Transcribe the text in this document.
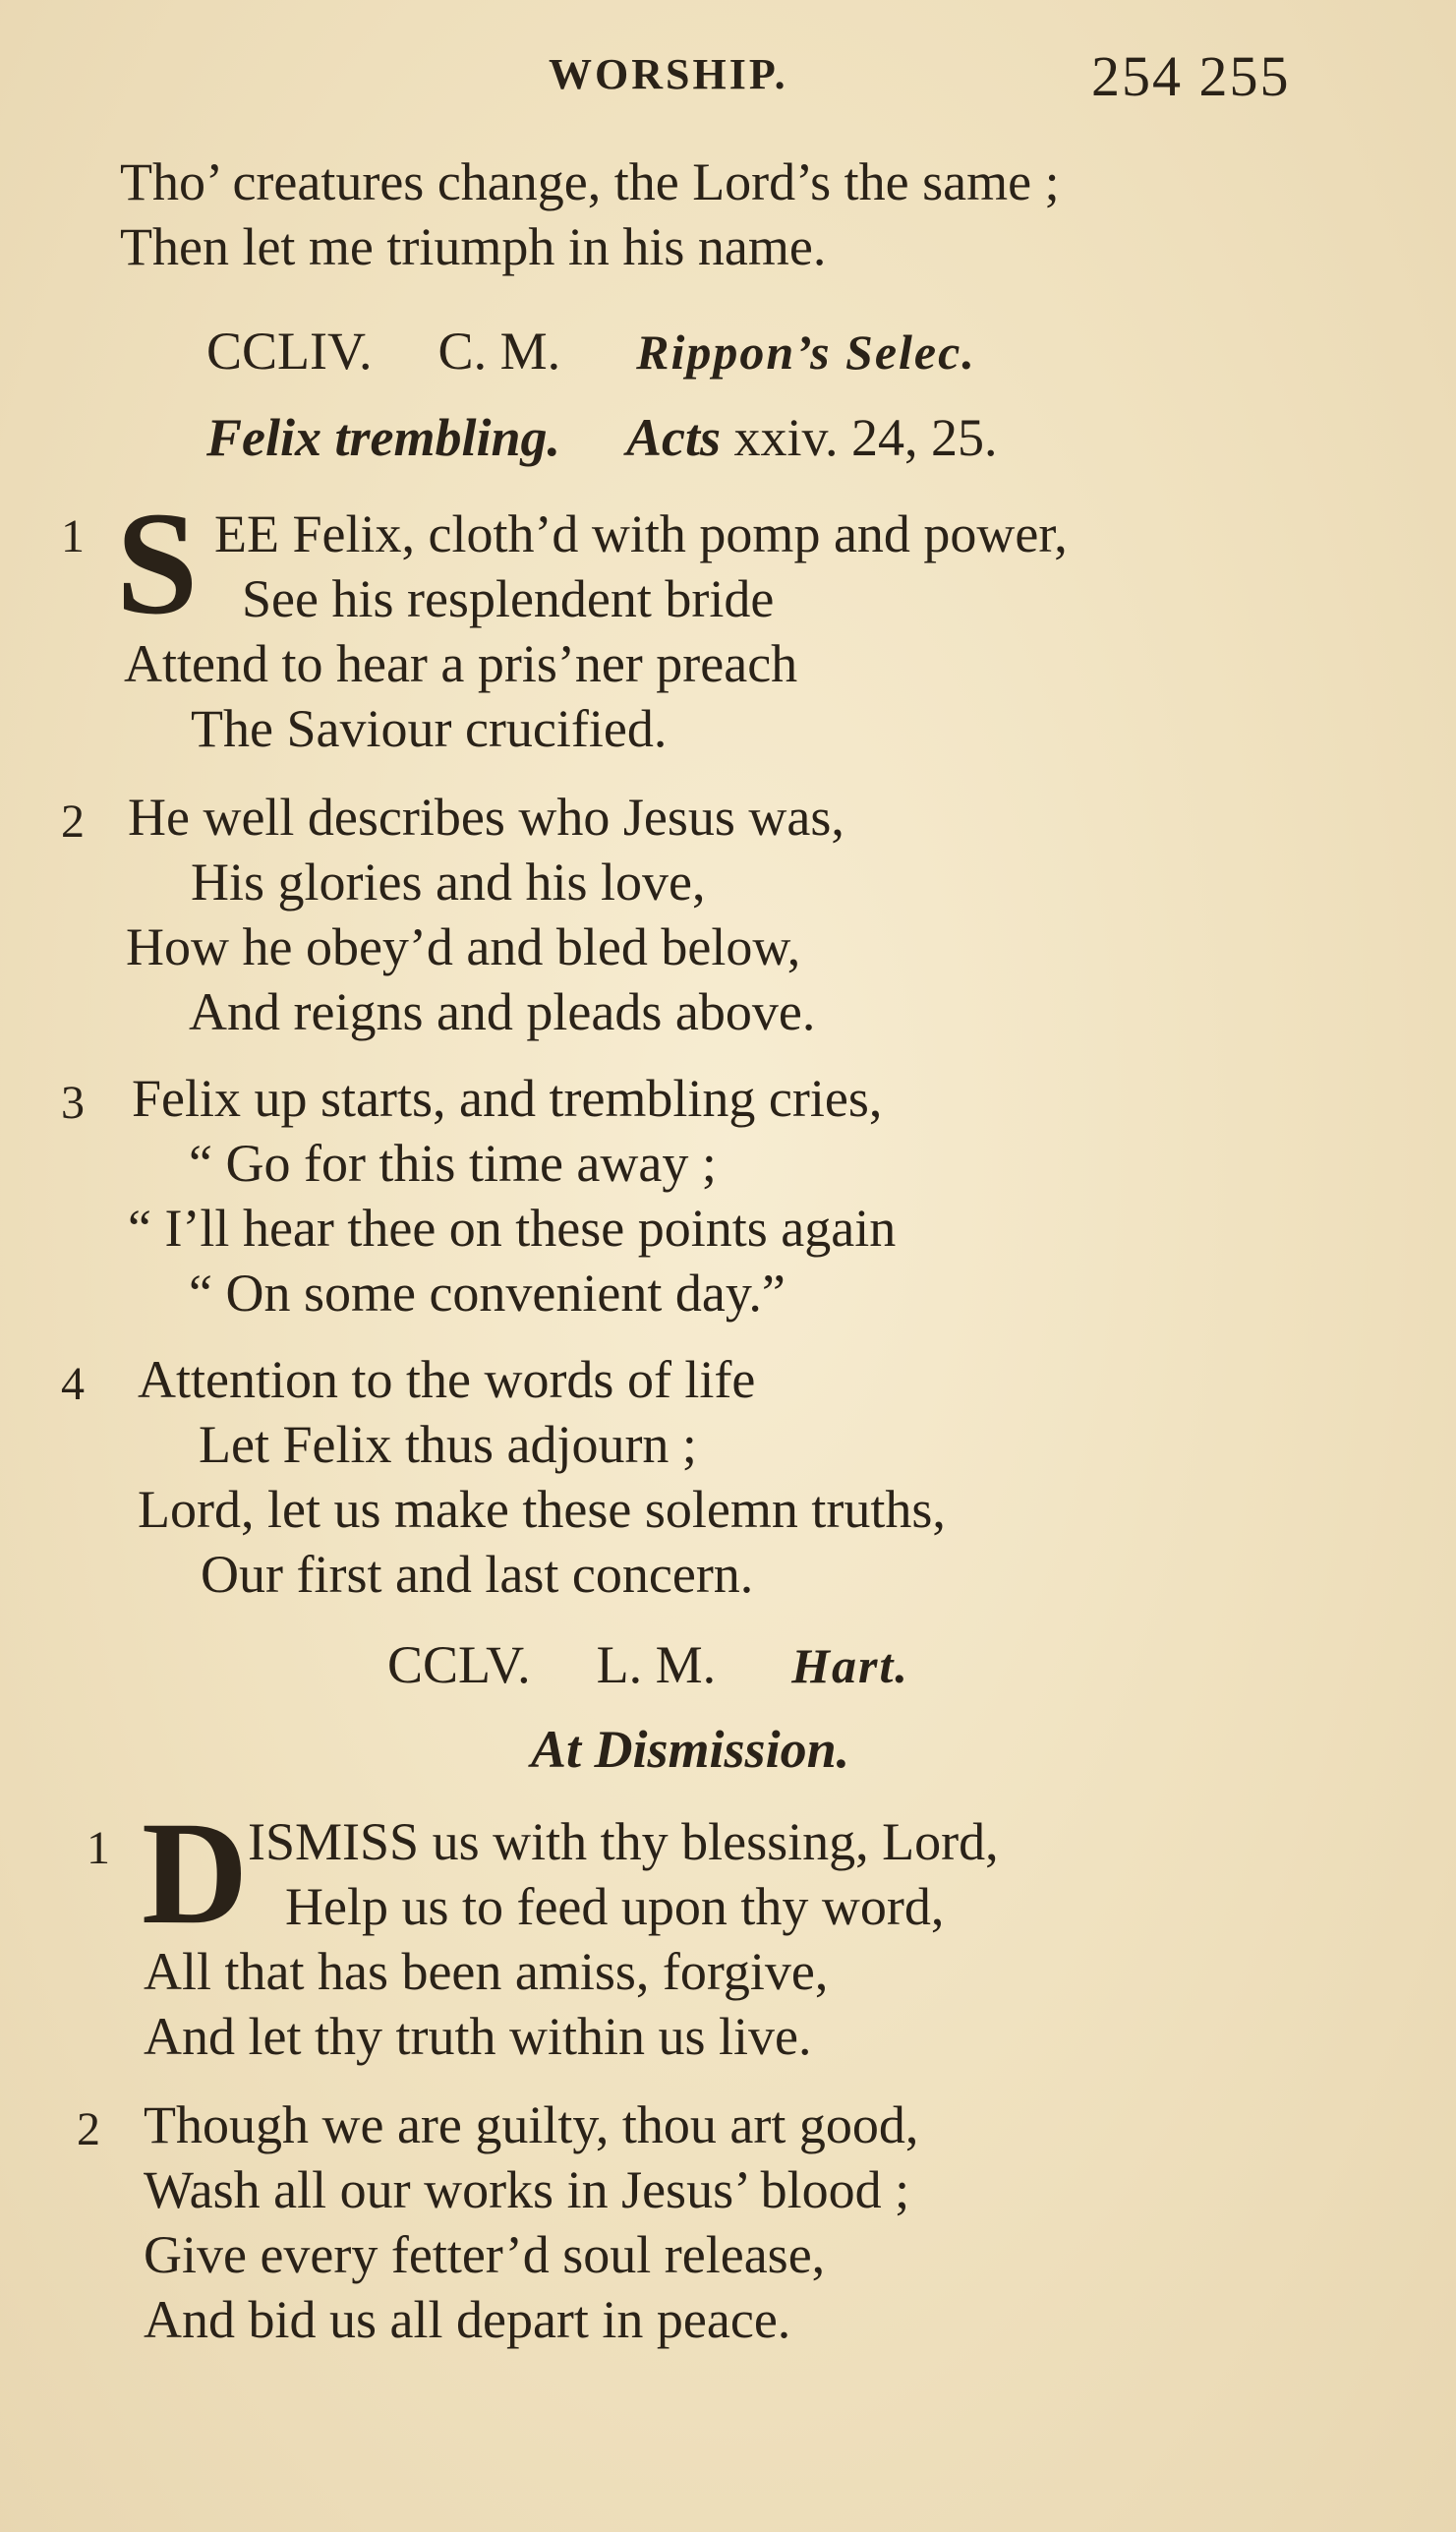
WORSHIP.	254 255
Tho’ creatures change, the Lord’s the same ;
Then let me triumph in his name.
CCLIV. C. M. Rippon’s Selec.
Felix trembling. Acts xxiv. 24, 25.
1 S EE Felix, cloth’d with pomp and power,
See his resplendent bride
Attend to hear a pris’ner preach
The Saviour crucified.
2 He well describes who Jesus was,
His glories and his love,
How he obey’d and bled below,
And reigns and pleads above.
3 Felix up starts, and trembling cries,
“ Go for this time away ;
“ I’ll hear thee on these points again
“ On some convenient day.”
4 Attention to the words of life
Let Felix thus adjourn ;
Lord, let us make these solemn truths,
Our first and last concern.
CCLV. L. M. Hart.
At Dismission.
1 D ISMISS us with thy blessing, Lord,
Help us to feed upon thy word,
All that has been amiss, forgive,
And let thy truth within us live.
2 Though we are guilty, thou art good,
Wash all our works in Jesus’ blood ;
Give every fetter’d soul release,
And bid us all depart in peace.
